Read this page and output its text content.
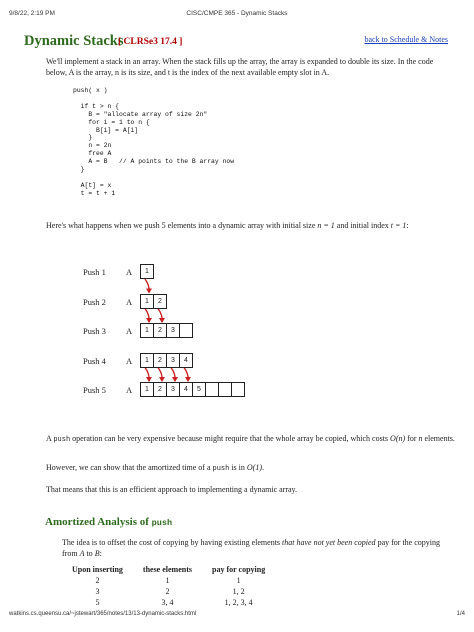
9/8/22, 2:19 PM	CISC/CMPE 365 - Dynamic Stacks
Dynamic Stacks
[ CLRSe3 17.4 ]	back to Schedule & Notes
We'll implement a stack in an array. When the stack fills up the array, the array is expanded to double its size. In the code below, A is the array, n is its size, and t is the index of the next available empty slot in A.
push( x )

if t > n {
B = "allocate array of size 2n"
for i = 1 to n {
B[i] = A[i]
}
n = 2n
free A
A = B   // A points to the B array now
}

A[t] = x
t = t + 1
Here's what happens when we push 5 elements into a dynamic array with initial size n = 1 and initial index t = 1:
Push 1 A	1
Push 2 A	1	2
Push 3 A	1	2	3
Push 4 A	1	2	3	4
Push 5 A	1	2	3	4	5
A push operation can be very expensive because might require that the whole array be copied, which costs O(n) for n elements.
However, we can show that the amortized time of a push is in O(1).
That means that this is an efficient approach to implementing a dynamic array.
Amortized Analysis of push
The idea is to offset the cost of copying by having existing elements that have not yet been copied pay for the copying from A to B:
Upon inserting	these elements	pay for copying
2	1	1
3	2	1, 2
5	3, 4	1, 2, 3, 4
watkins.cs.queensu.ca/~jstewart/365/notes/13/13-dynamic-stacks.html	1/4
